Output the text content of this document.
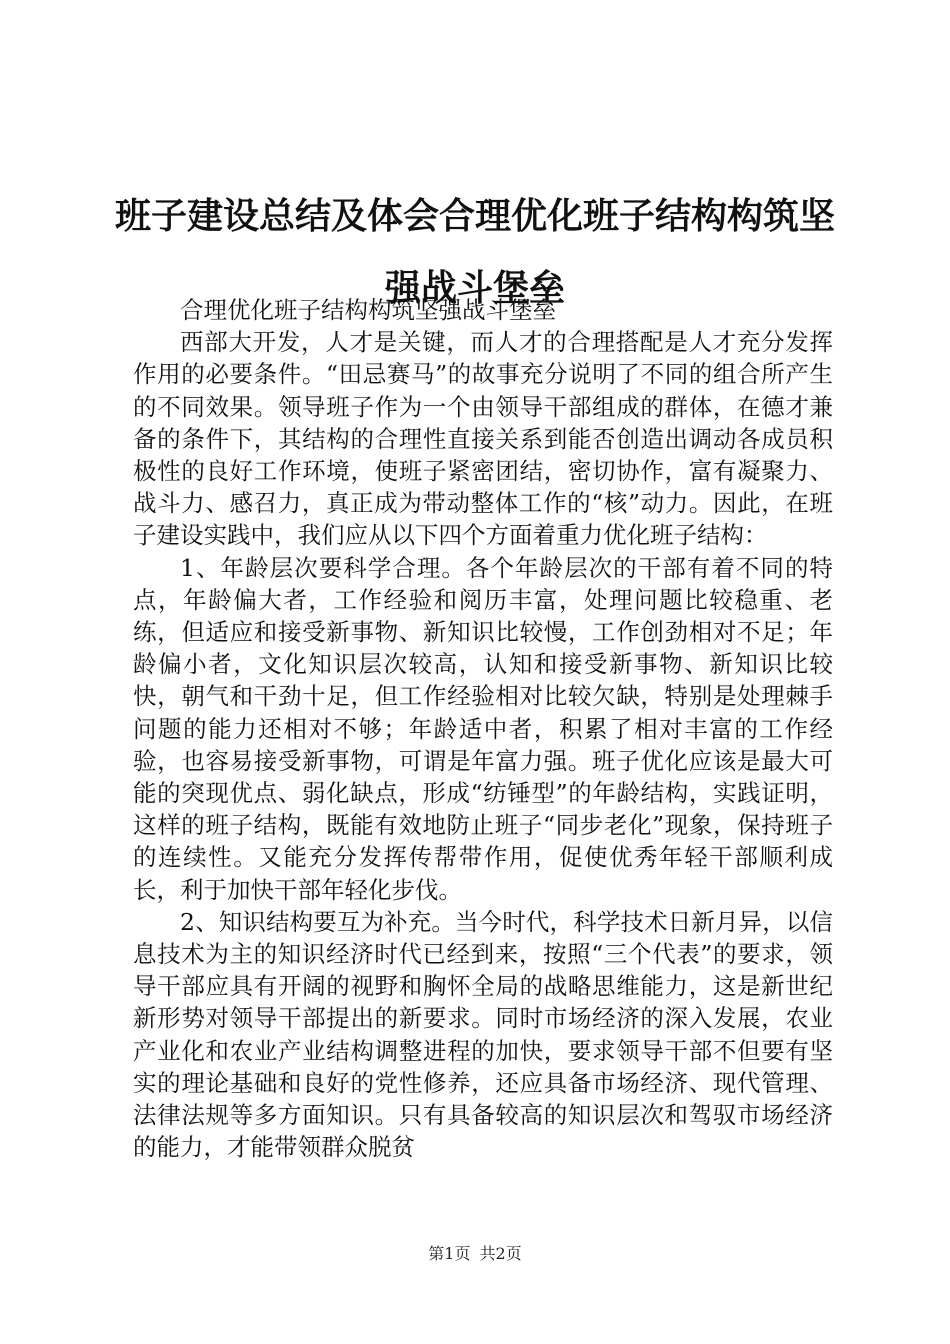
班子建设总结及体会合理优化班子结构构筑坚强战斗堡垒

合理优化班子结构构筑坚强战斗堡垒

西部大开发，人才是关键，而人才的合理搭配是人才充分发挥作用的必要条件。“田忌赛马”的故事充分说明了不同的组合所产生的不同效果。领导班子作为一个由领导干部组成的群体，在德才兼备的条件下，其结构的合理性直接关系到能否创造出调动各成员积极性的良好工作环境，使班子紧密团结，密切协作，富有凝聚力、战斗力、感召力，真正成为带动整体工作的“核”动力。因此，在班子建设实践中，我们应从以下四个方面着重力优化班子结构：

1、年龄层次要科学合理。各个年龄层次的干部有着不同的特点，年龄偏大者，工作经验和阅历丰富，处理问题比较稳重、老练，但适应和接受新事物、新知识比较慢，工作创劲相对不足；年龄偏小者，文化知识层次较高，认知和接受新事物、新知识比较快，朝气和干劲十足，但工作经验相对比较欠缺，特别是处理棘手问题的能力还相对不够；年龄适中者，积累了相对丰富的工作经验，也容易接受新事物，可谓是年富力强。班子优化应该是最大可能的突现优点、弱化缺点，形成“纺锤型”的年龄结构，实践证明，这样的班子结构，既能有效地防止班子“同步老化”现象，保持班子的连续性。又能充分发挥传帮带作用，促使优秀年轻干部顺利成长，利于加快干部年轻化步伐。

2、知识结构要互为补充。当今时代，科学技术日新月异，以信息技术为主的知识经济时代已经到来，按照“三个代表”的要求，领导干部应具有开阔的视野和胸怀全局的战略思维能力，这是新世纪新形势对领导干部提出的新要求。同时市场经济的深入发展，农业产业化和农业产业结构调整进程的加快，要求领导干部不但要有坚实的理论基础和良好的党性修养，还应具备市场经济、现代管理、法律法规等多方面知识。只有具备较高的知识层次和驾驭市场经济的能力，才能带领群众脱贫

第1页 共2页
